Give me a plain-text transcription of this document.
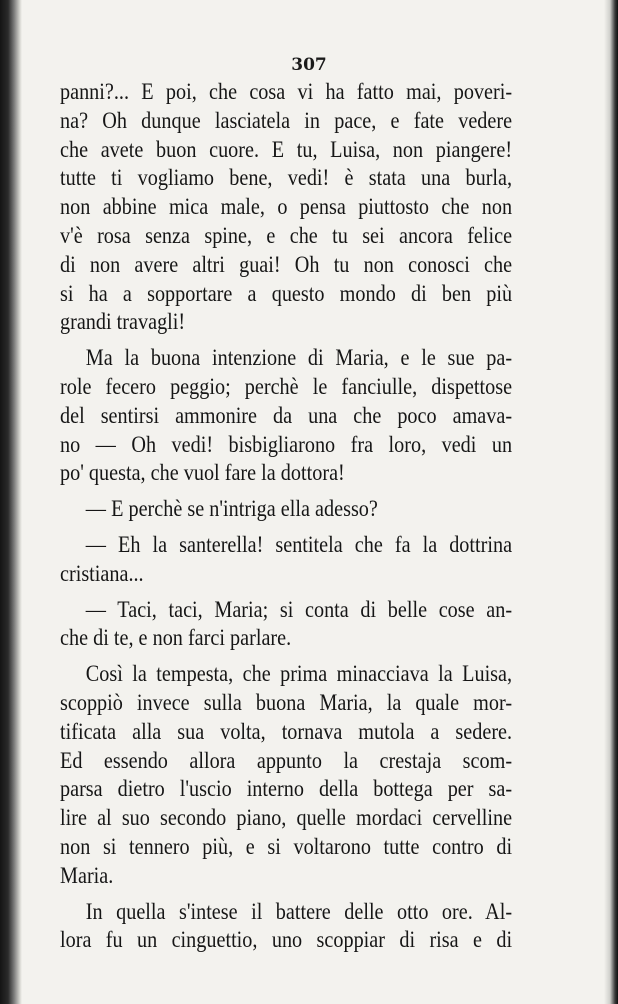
307
panni?... E poi, che cosa vi ha fatto mai, poveri-
na? Oh dunque lasciatela in pace, e fate vedere
che avete buon cuore. E tu, Luisa, non piangere!
tutte ti vogliamo bene, vedi! è stata una burla,
non abbine mica male, o pensa piuttosto che non
v'è rosa senza spine, e che tu sei ancora felice
di non avere altri guai! Oh tu non conosci che
si ha a sopportare a questo mondo di ben più
grandi travagli!
Ma la buona intenzione di Maria, e le sue pa-
role fecero peggio; perchè le fanciulle, dispettose
del sentirsi ammonire da una che poco amava-
no — Oh vedi! bisbigliarono fra loro, vedi un
po' questa, che vuol fare la dottora!
— E perchè se n'intriga ella adesso?
— Eh la santerella! sentitela che fa la dottrina
cristiana...
— Taci, taci, Maria; si conta di belle cose an-
che di te, e non farci parlare.
Così la tempesta, che prima minacciava la Luisa,
scoppiò invece sulla buona Maria, la quale mor-
tificata alla sua volta, tornava mutola a sedere.
Ed essendo allora appunto la crestaja scom-
parsa dietro l'uscio interno della bottega per sa-
lire al suo secondo piano, quelle mordaci cervelline
non si tennero più, e si voltarono tutte contro di
Maria.
In quella s'intese il battere delle otto ore. Al-
lora fu un cinguettio, uno scoppiar di risa e di
